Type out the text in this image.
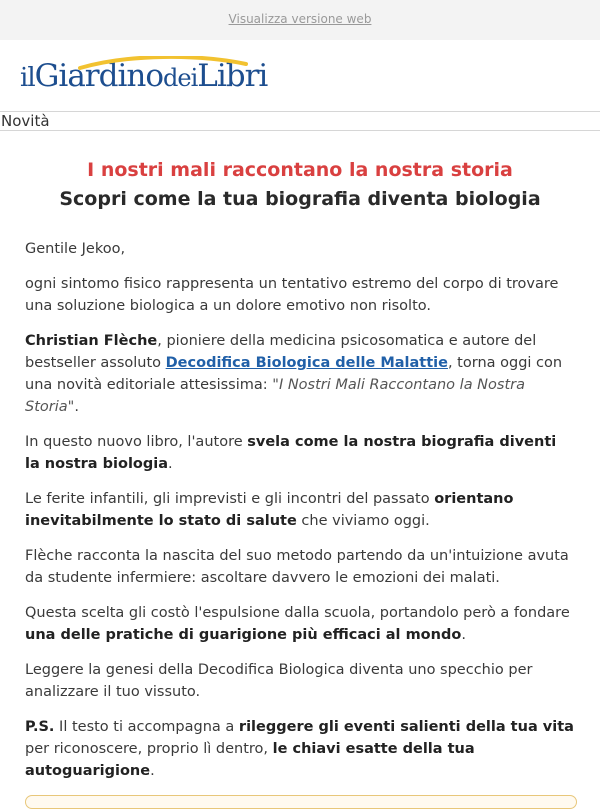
Visualizza versione web
ilGiardinodeiLibri
Novità
I nostri mali raccontano la nostra storia
Scopri come la tua biografia diventa biologia

Gentile Jekoo,

ogni sintomo fisico rappresenta un tentativo estremo del corpo di trovare una soluzione biologica a un dolore emotivo non risolto.

Christian Flèche, pioniere della medicina psicosomatica e autore del bestseller assoluto Decodifica Biologica delle Malattie, torna oggi con una novità editoriale attesissima: "I Nostri Mali Raccontano la Nostra Storia".

In questo nuovo libro, l'autore svela come la nostra biografia diventi la nostra biologia.

Le ferite infantili, gli imprevisti e gli incontri del passato orientano inevitabilmente lo stato di salute che viviamo oggi.

Flèche racconta la nascita del suo metodo partendo da un'intuizione avuta da studente infermiere: ascoltare davvero le emozioni dei malati.

Questa scelta gli costò l'espulsione dalla scuola, portandolo però a fondare una delle pratiche di guarigione più efficaci al mondo.

Leggere la genesi della Decodifica Biologica diventa uno specchio per analizzare il tuo vissuto.

P.S. Il testo ti accompagna a rileggere gli eventi salienti della tua vita per riconoscere, proprio lì dentro, le chiavi esatte della tua autoguarigione.
